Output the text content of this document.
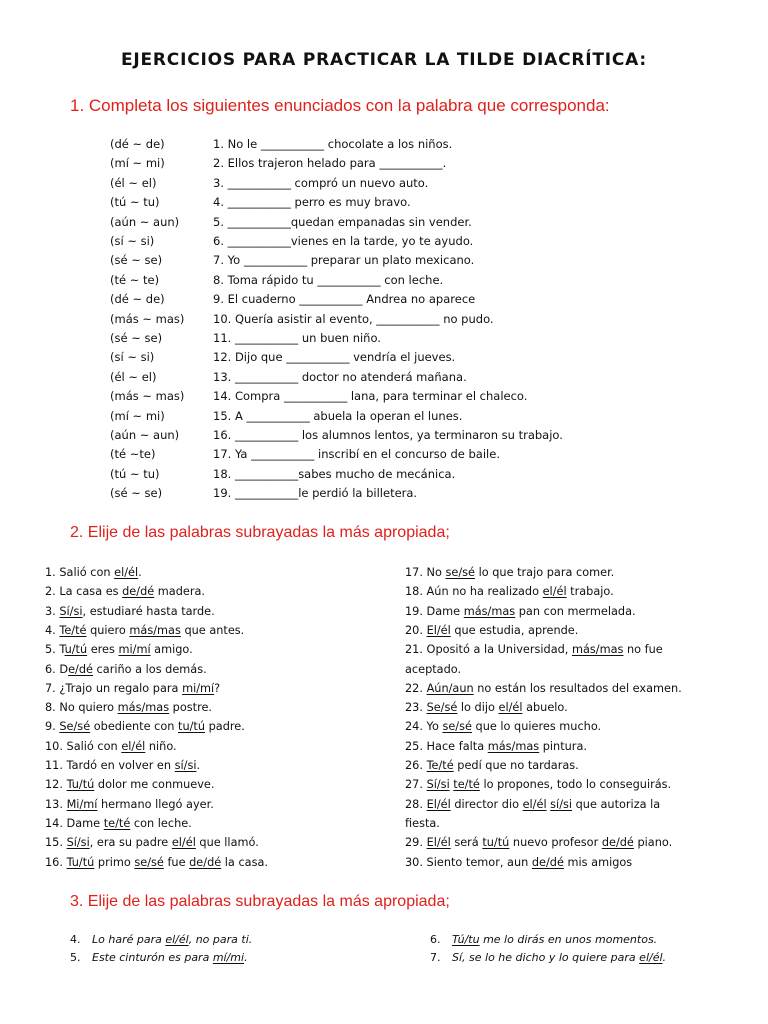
EJERCICIOS PARA PRACTICAR LA TILDE DIACRÍTICA:
1. Completa los siguientes enunciados con la palabra que corresponda:
(dé ~ de)	1. No le ___________ chocolate a los niños.
(mí ~ mi)	2. Ellos trajeron helado para ___________.
(él ~ el)	3. ___________ compró un nuevo auto.
(tú ~ tu)	4. ___________ perro es muy bravo.
(aún ~ aun)	5. ___________quedan empanadas sin vender.
(sí ~ si)	6. ___________vienes en la tarde, yo te ayudo.
(sé ~ se)	7. Yo ___________ preparar un plato mexicano.
(té ~ te)	8. Toma rápido tu ___________ con leche.
(dé ~ de)	9. El cuaderno ___________ Andrea no aparece
(más ~ mas) 10. Quería asistir al evento, ___________ no pudo.
(sé ~ se)	11. ___________ un buen niño.
(sí ~ si)	12. Dijo que ___________ vendría el jueves.
(él ~ el)	13. ___________ doctor no atenderá mañana.
(más ~ mas) 14. Compra ___________ lana, para terminar el chaleco.
(mí ~ mi)	15. A ___________ abuela la operan el lunes.
(aún ~ aun)	16. ___________ los alumnos lentos, ya terminaron su trabajo.
(té ~te)	17. Ya ___________ inscribí en el concurso de baile.
(tú ~ tu)	18. ___________sabes mucho de mecánica.
(sé ~ se)	19. ___________le perdió la billetera.
2. Elije de las palabras subrayadas la más apropiada;
1. Salió con el/él.
2. La casa es de/dé madera.
3. Sí/si, estudiaré hasta tarde.
4. Te/té quiero más/mas que antes.
5. Tu/tú eres mi/mí amigo.
6. De/dé cariño a los demás.
7. ¿Trajo un regalo para mi/mí?
8. No quiero más/mas postre.
9. Se/sé obediente con tu/tú padre.
10. Salió con el/él niño.
11. Tardó en volver en sí/si.
12. Tu/tú dolor me conmueve.
13. Mi/mí hermano llegó ayer.
14. Dame te/té con leche.
15. Sí/si, era su padre el/él que llamó.
16. Tu/tú primo se/sé fue de/dé la casa.
17. No se/sé lo que trajo para comer.
18. Aún no ha realizado el/él trabajo.
19. Dame más/mas pan con mermelada.
20. El/él que estudia, aprende.
21. Opositó a la Universidad, más/mas no fue
aceptado.
22. Aún/aun no están los resultados del examen.
23. Se/sé lo dijo el/él abuelo.
24. Yo se/sé que lo quieres mucho.
25. Hace falta más/mas pintura.
26. Te/té pedí que no tardaras.
27. Sí/si te/té lo propones, todo lo conseguirás.
28. El/él director dio el/él sí/si que autoriza la
fiesta.
29. El/él será tu/tú nuevo profesor de/dé piano.
30. Siento temor, aun de/dé mis amigos
3. Elije de las palabras subrayadas la más apropiada;
4. Lo haré para el/él, no para ti.
5. Este cinturón es para mí/mi.
6. Tú/tu me lo dirás en unos momentos.
7. Sí, se lo he dicho y lo quiere para el/él.
